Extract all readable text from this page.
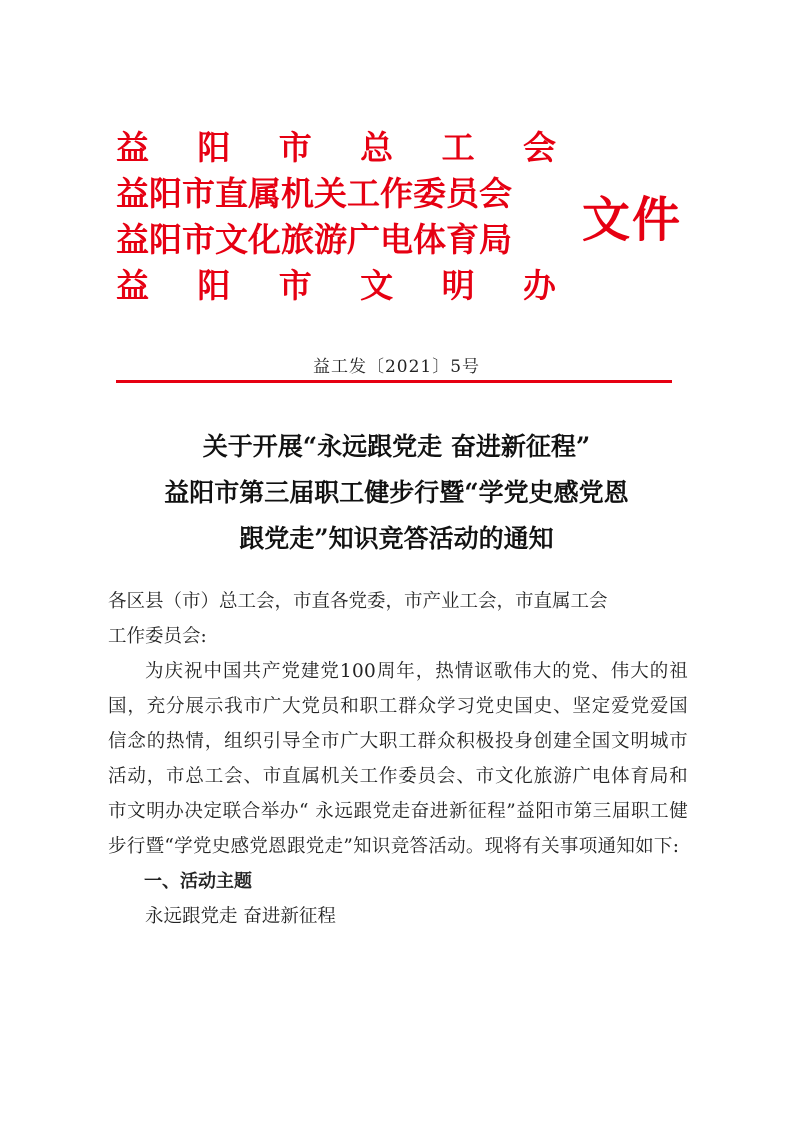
益 阳 市 总 工 会
益阳市直属机关工作委员会
益阳市文化旅游广电体育局
益 阳 市 文 明 办
文件
益工发〔2021〕5号
关于开展“永远跟党走 奋进新征程”
益阳市第三届职工健步行暨“学党史感党恩
跟党走”知识竞答活动的通知

各区县（市）总工会，市直各党委，市产业工会，市直属工会

工作委员会:

为庆祝中国共产党建党100周年，热情讴歌伟大的党、伟大的祖国，充分展示我市广大党员和职工群众学习党史国史、坚定爱党爱国信念的热情，组织引导全市广大职工群众积极投身创建全国文明城市活动，市总工会、市直属机关工作委员会、市文化旅游广电体育局和市文明办决定联合举办“ 永远跟党走奋进新征程”益阳市第三届职工健步行暨“学党史感党恩跟党走”知识竞答活动。现将有关事项通知如下:

一、活动主题

永远跟党走 奋进新征程
